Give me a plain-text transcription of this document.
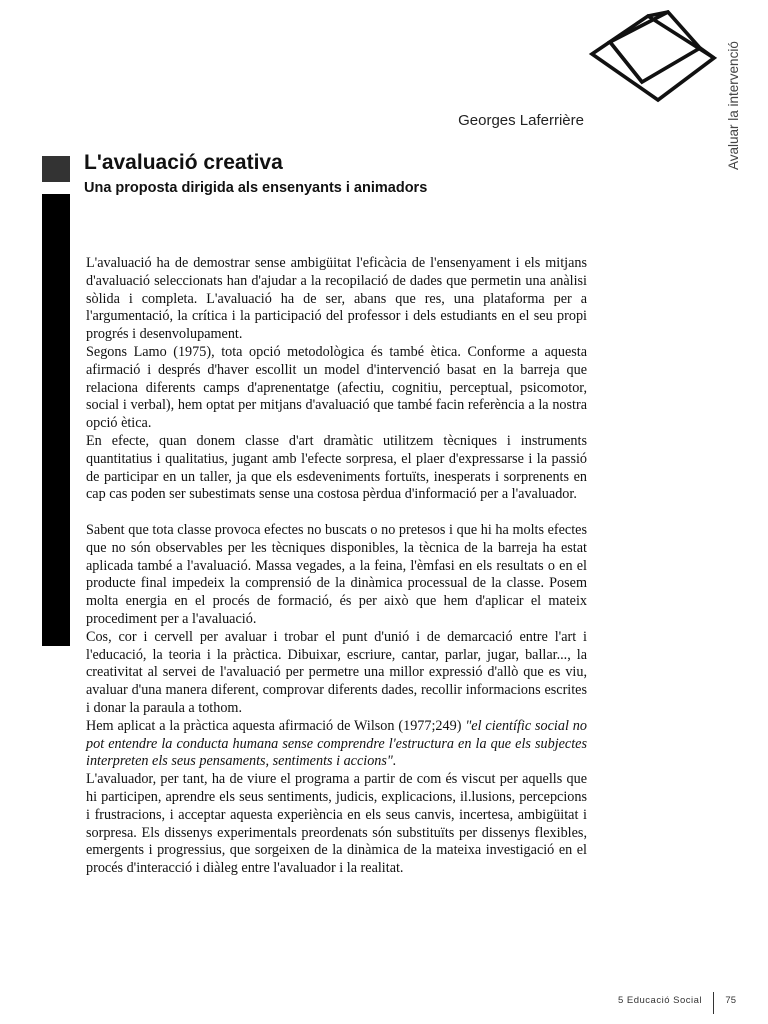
Avaluar la intervenció
Georges Laferrière
L'avaluació creativa
Una proposta dirigida als ensenyants i animadors

L'avaluació ha de demostrar sense ambigüitat l'eficàcia de l'ensenyament i els mitjans d'avaluació seleccionats han d'ajudar a la recopilació de dades que permetin una anàlisi sòlida i completa. L'avaluació ha de ser, abans que res, una plataforma per a l'argumentació, la crítica i la participació del professor i dels estudiants en el seu propi progrés i desenvolupament.

Segons Lamo (1975), tota opció metodològica és també ètica. Conforme a aquesta afirmació i després d'haver escollit un model d'intervenció basat en la barreja que relaciona diferents camps d'aprenentatge (afectiu, cognitiu, perceptual, psicomotor, social i verbal), hem optat per mitjans d'avaluació que també facin referència a la nostra opció ètica.

En efecte, quan donem classe d'art dramàtic utilitzem tècniques i instruments quantitatius i qualitatius, jugant amb l'efecte sorpresa, el plaer d'expressarse i la passió de participar en un taller, ja que els esdeveniments fortuïts, inesperats i sorprenents en cap cas poden ser subestimats sense una costosa pèrdua d'informació per a l'avaluador.

Sabent que tota classe provoca efectes no buscats o no pretesos i que hi ha molts efectes que no són observables per les tècniques disponibles, la tècnica de la barreja ha estat aplicada també a l'avaluació. Massa vegades, a la feina, l'èmfasi en els resultats o en el producte final impedeix la comprensió de la dinàmica processual de la classe. Posem molta energia en el procés de formació, és per això que hem d'aplicar el mateix procediment per a l'avaluació.

Cos, cor i cervell per avaluar i trobar el punt d'unió i de demarcació entre l'art i l'educació, la teoria i la pràctica. Dibuixar, escriure, cantar, parlar, jugar, ballar..., la creativitat al servei de l'avaluació per permetre una millor expressió d'allò que es viu, avaluar d'una manera diferent, comprovar diferents dades, recollir informacions escrites i donar la paraula a tothom.

Hem aplicat a la pràctica aquesta afirmació de Wilson (1977;249) "el científic social no pot entendre la conducta humana sense comprendre l'estructura en la que els subjectes interpreten els seus pensaments, sentiments i accions".

L'avaluador, per tant, ha de viure el programa a partir de com és viscut per aquells que hi participen, aprendre els seus sentiments, judicis, explicacions, il.lusions, percepcions i frustracions, i acceptar aquesta experiència en els seus canvis, incertesa, ambigüitat i sorpresa. Els dissenys experimentals preordenats són substituïts per dissenys flexibles, emergents i progressius, que sorgeixen de la dinàmica de la mateixa investigació en el procés d'interacció i diàleg entre l'avaluador i la realitat.

5 Educació Social 75
